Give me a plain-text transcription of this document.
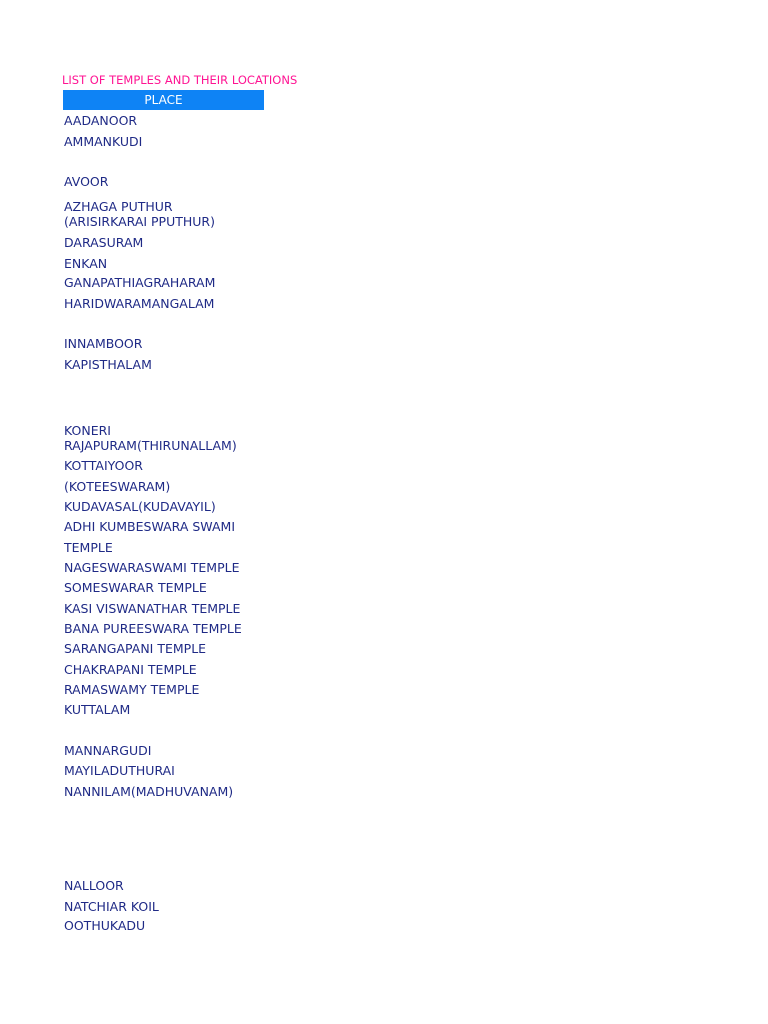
LIST OF TEMPLES AND THEIR LOCATIONS
PLACE
AADANOOR
AMMANKUDI
AVOOR
AZHAGA PUTHUR
(ARISIRKARAI PPUTHUR)
DARASURAM
ENKAN
GANAPATHIAGRAHARAM
HARIDWARAMANGALAM
INNAMBOOR
KAPISTHALAM
KONERI
RAJAPURAM(THIRUNALLAM)
KOTTAIYOOR
(KOTEESWARAM)
KUDAVASAL(KUDAVAYIL)
ADHI KUMBESWARA SWAMI
TEMPLE
NAGESWARASWAMI TEMPLE
SOMESWARAR TEMPLE
KASI VISWANATHAR TEMPLE
BANA PUREESWARA TEMPLE
SARANGAPANI TEMPLE
CHAKRAPANI TEMPLE
RAMASWAMY TEMPLE
KUTTALAM
MANNARGUDI
MAYILADUTHURAI
NANNILAM(MADHUVANAM)
NALLOOR
NATCHIAR KOIL
OOTHUKADU
